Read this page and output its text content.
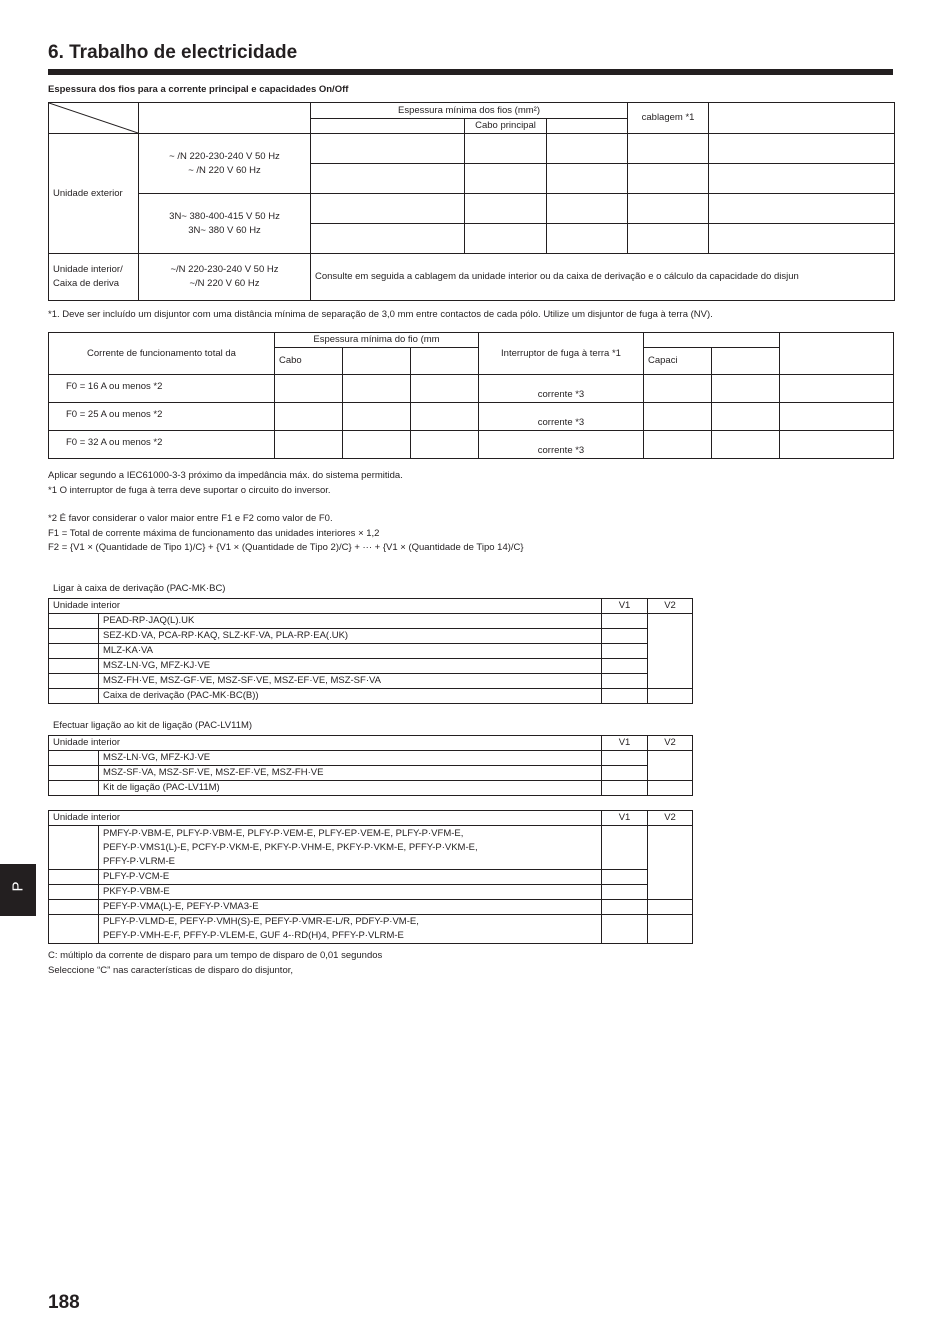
6. Trabalho de electricidade
Espessura dos fios para a corrente principal e capacidades On/Off
		Espessura mínima dos fios (mm²)			cablagem *1	
			Cabo principal			
Unidade exterior	~ /N 220-230-240 V 50 Hz
~ /N 220 V 60 Hz					

	3N~ 380-400-415 V 50 Hz
3N~ 380 V 60 Hz					

Unidade interior/
Caixa de deriva	~/N 220-230-240 V 50 Hz
~/N 220 V 60 Hz	Consulte em seguida a cablagem da unidade interior ou da caixa de derivação e o cálculo da capacidade do disjun				
*1. Deve ser incluído um disjuntor com uma distância mínima de separação de 3,0 mm entre contactos de cada pólo. Utilize um disjuntor de fuga à terra (NV).
Corrente de funcionamento total da	Espessura mínima do fio (mm			Interruptor de fuga à terra *1			
	Cabo				Capaci		
F0 = 16 A ou menos *2				corrente *3			
F0 = 25 A ou menos *2				corrente *3			
F0 = 32 A ou menos *2				corrente *3			
Aplicar segundo a IEC61000-3-3 próximo da impedância máx. do sistema permitida.
*1 O interruptor de fuga à terra deve suportar o circuito do inversor.
*2 É favor considerar o valor maior entre F1 e F2 como valor de F0.
F1 = Total de corrente máxima de funcionamento das unidades interiores × 1,2
F2 = {V1 × (Quantidade de Tipo 1)/C} + {V1 × (Quantidade de Tipo 2)/C} + ··· + {V1 × (Quantidade de Tipo 14)/C}
Ligar à caixa de derivação (PAC-MK·BC)
Unidade interior		V1	V2
	PEAD-RP·JAQ(L).UK		
	SEZ-KD·VA, PCA-RP·KAQ, SLZ-KF·VA, PLA-RP·EA(.UK)		
	MLZ-KA·VA		
	MSZ-LN·VG, MFZ-KJ·VE		
	MSZ-FH·VE, MSZ-GF·VE, MSZ-SF·VE, MSZ-EF·VE, MSZ-SF·VA		
	Caixa de derivação (PAC-MK·BC(B))		
Efectuar ligação ao kit de ligação (PAC-LV11M)
Unidade interior		V1	V2
	MSZ-LN·VG, MFZ-KJ·VE		
	MSZ-SF·VA, MSZ-SF·VE, MSZ-EF·VE, MSZ-FH·VE		
	Kit de ligação (PAC-LV11M)		
Unidade interior		V1	V2
	PMFY-P·VBM-E, PLFY-P·VBM-E, PLFY-P·VEM-E, PLFY-EP·VEM-E, PLFY-P·VFM-E,
PEFY-P·VMS1(L)-E, PCFY-P·VKM-E, PKFY-P·VHM-E, PKFY-P·VKM-E, PFFY-P·VKM-E,
PFFY-P·VLRM-E		
	PLFY-P·VCM-E		
	PKFY-P·VBM-E		
	PEFY-P·VMA(L)-E, PEFY-P·VMA3-E		
	PLFY-P·VLMD-E, PEFY-P·VMH(S)-E, PEFY-P·VMR-E-L/R, PDFY-P·VM-E,
PEFY-P·VMH-E-F, PFFY-P·VLEM-E, GUF 4-·RD(H)4, PFFY-P·VLRM-E		
C: múltiplo da corrente de disparo para um tempo de disparo de 0,01 segundos
Seleccione “C” nas características de disparo do disjuntor,
P
188
